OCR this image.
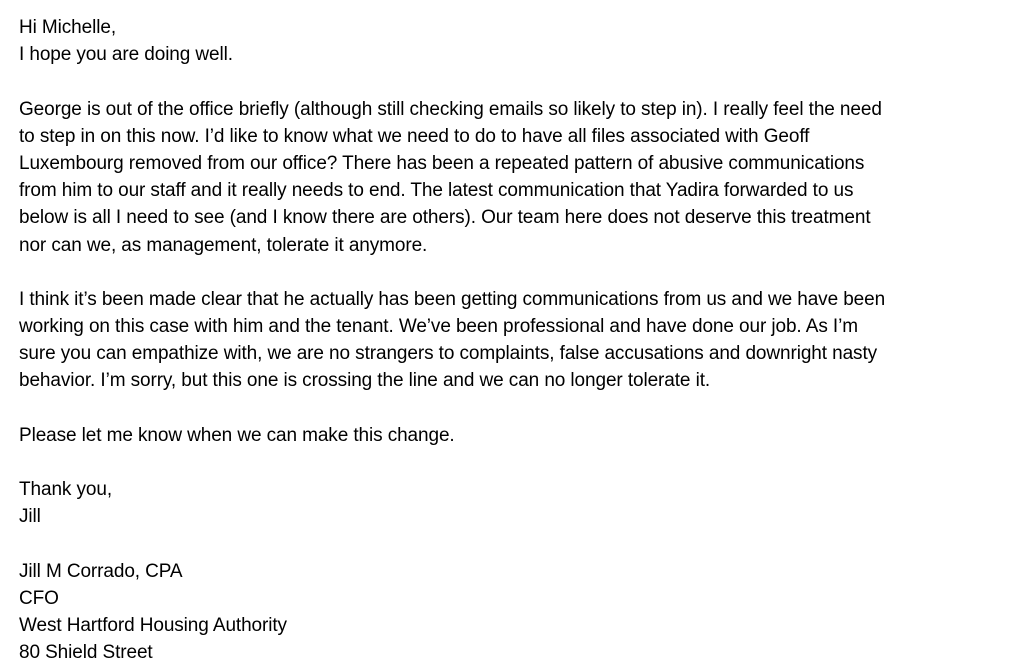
Hi Michelle,
I hope you are doing well.
George is out of the office briefly (although still checking emails so likely to step in). I really feel the need
to step in on this now. I’d like to know what we need to do to have all files associated with Geoff
Luxembourg removed from our office? There has been a repeated pattern of abusive communications
from him to our staff and it really needs to end. The latest communication that Yadira forwarded to us
below is all I need to see (and I know there are others). Our team here does not deserve this treatment
nor can we, as management, tolerate it anymore.
I think it’s been made clear that he actually has been getting communications from us and we have been
working on this case with him and the tenant. We’ve been professional and have done our job. As I’m
sure you can empathize with, we are no strangers to complaints, false accusations and downright nasty
behavior. I’m sorry, but this one is crossing the line and we can no longer tolerate it.
Please let me know when we can make this change.
Thank you,
Jill
Jill M Corrado, CPA
CFO
West Hartford Housing Authority
80 Shield Street
